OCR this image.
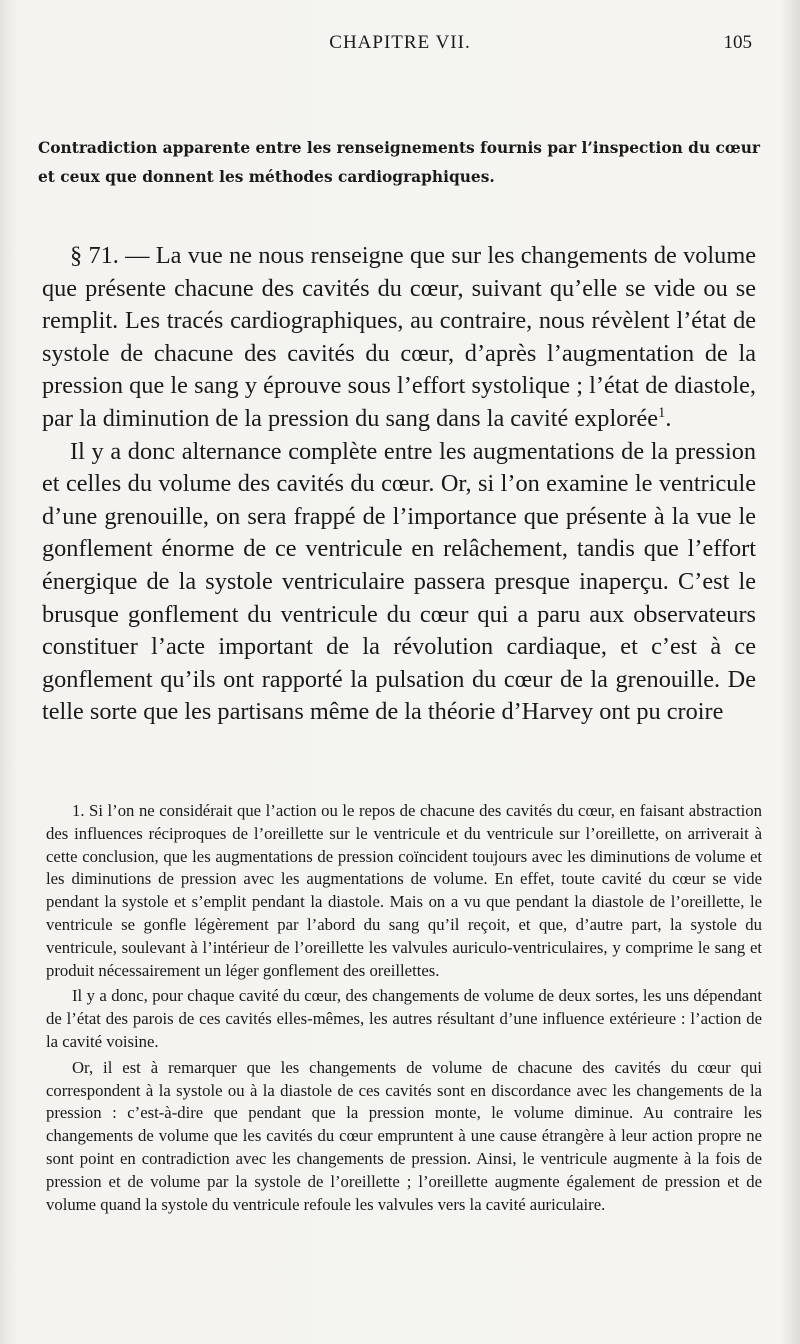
CHAPITRE VII.	105
Contradiction apparente entre les renseignements fournis par l’inspection du cœur et ceux que donnent les méthodes cardiographiques.

§ 71. — La vue ne nous renseigne que sur les changements de volume que présente chacune des cavités du cœur, suivant qu’elle se vide ou se remplit. Les tracés cardiographiques, au contraire, nous révèlent l’état de systole de chacune des cavités du cœur, d’après l’augmentation de la pression que le sang y éprouve sous l’effort systolique ; l’état de diastole, par la diminution de la pression du sang dans la cavité explorée$^1$.

Il y a donc alternance complète entre les augmentations de la pression et celles du volume des cavités du cœur. Or, si l’on examine le ventricule d’une grenouille, on sera frappé de l’importance que présente à la vue le gonflement énorme de ce ventricule en relâchement, tandis que l’effort énergique de la systole ventriculaire passera presque inaperçu. C’est le brusque gonflement du ventricule du cœur qui a paru aux observateurs constituer l’acte important de la révolution cardiaque, et c’est à ce gonflement qu’ils ont rapporté la pulsation du cœur de la grenouille. De telle sorte que les partisans même de la théorie d’Harvey ont pu croire

1. Si l’on ne considérait que l’action ou le repos de chacune des cavités du cœur, en faisant abstraction des influences réciproques de l’oreillette sur le ventricule et du ventricule sur l’oreillette, on arriverait à cette conclusion, que les augmentations de pression coïncident toujours avec les diminutions de volume et les diminutions de pression avec les augmentations de volume. En effet, toute cavité du cœur se vide pendant la systole et s’emplit pendant la diastole. Mais on a vu que pendant la diastole de l’oreillette, le ventricule se gonfle légèrement par l’abord du sang qu’il reçoit, et que, d’autre part, la systole du ventricule, soulevant à l’intérieur de l’oreillette les valvules auriculo-ventriculaires, y comprime le sang et produit nécessairement un léger gonflement des oreillettes.

Il y a donc, pour chaque cavité du cœur, des changements de volume de deux sortes, les uns dépendant de l’état des parois de ces cavités elles-mêmes, les autres résultant d’une influence extérieure : l’action de la cavité voisine.

Or, il est à remarquer que les changements de volume de chacune des cavités du cœur qui correspondent à la systole ou à la diastole de ces cavités sont en discordance avec les changements de la pression : c’est-à-dire que pendant que la pression monte, le volume diminue. Au contraire les changements de volume que les cavités du cœur empruntent à une cause étrangère à leur action propre ne sont point en contradiction avec les changements de pression. Ainsi, le ventricule augmente à la fois de pression et de volume par la systole de l’oreillette ; l’oreillette augmente également de pression et de volume quand la systole du ventricule refoule les valvules vers la cavité auriculaire.
